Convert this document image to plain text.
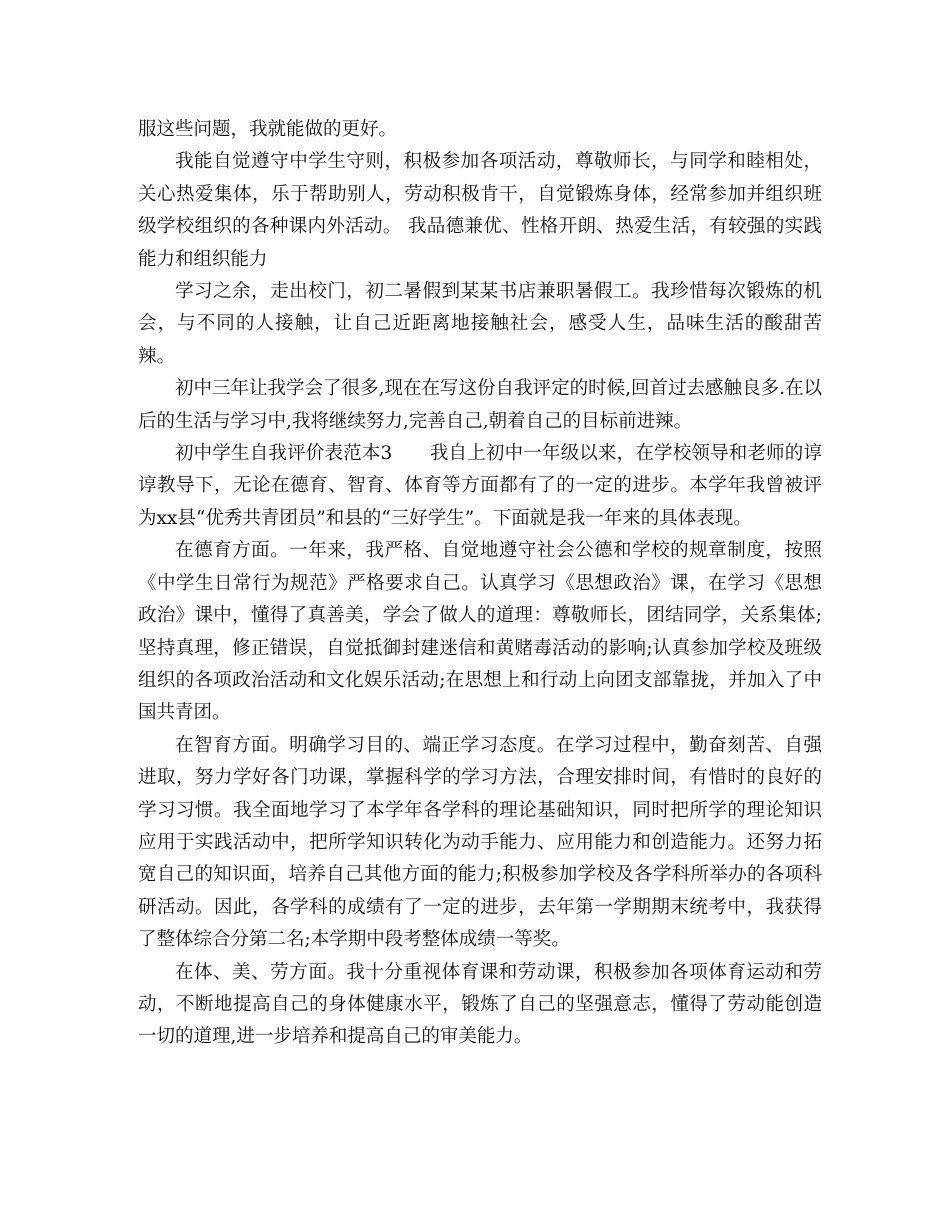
服这些问题，我就能做的更好。

我能自觉遵守中学生守则，积极参加各项活动，尊敬师长，与同学和睦相处，关心热爱集体，乐于帮助别人，劳动积极肯干，自觉锻炼身体，经常参加并组织班级学校组织的各种课内外活动。 我品德兼优、性格开朗、热爱生活，有较强的实践能力和组织能力

学习之余，走出校门，初二暑假到某某书店兼职暑假工。我珍惜每次锻炼的机会，与不同的人接触，让自己近距离地接触社会，感受人生，品味生活的酸甜苦辣。

初中三年让我学会了很多,现在在写这份自我评定的时候,回首过去感触良多.在以后的生活与学习中,我将继续努力,完善自己,朝着自己的目标前进辣。

初中学生自我评价表范本3　　我自上初中一年级以来，在学校领导和老师的谆谆教导下，无论在德育、智育、体育等方面都有了的一定的进步。本学年我曾被评为xx县“优秀共青团员”和县的“三好学生”。下面就是我一年来的具体表现。

在德育方面。一年来，我严格、自觉地遵守社会公德和学校的规章制度，按照《中学生日常行为规范》严格要求自己。认真学习《思想政治》课，在学习《思想政治》课中，懂得了真善美，学会了做人的道理：尊敬师长，团结同学，关系集体;坚持真理，修正错误，自觉抵御封建迷信和黄赌毒活动的影响;认真参加学校及班级组织的各项政治活动和文化娱乐活动;在思想上和行动上向团支部靠拢，并加入了中国共青团。

在智育方面。明确学习目的、端正学习态度。在学习过程中，勤奋刻苦、自强进取，努力学好各门功课，掌握科学的学习方法，合理安排时间，有惜时的良好的学习习惯。我全面地学习了本学年各学科的理论基础知识，同时把所学的理论知识应用于实践活动中，把所学知识转化为动手能力、应用能力和创造能力。还努力拓宽自己的知识面，培养自己其他方面的能力;积极参加学校及各学科所举办的各项科研活动。因此，各学科的成绩有了一定的进步，去年第一学期期末统考中，我获得了整体综合分第二名;本学期中段考整体成绩一等奖。

在体、美、劳方面。我十分重视体育课和劳动课，积极参加各项体育运动和劳动，不断地提高自己的身体健康水平，锻炼了自己的坚强意志，懂得了劳动能创造一切的道理,进一步培养和提高自己的审美能力。
